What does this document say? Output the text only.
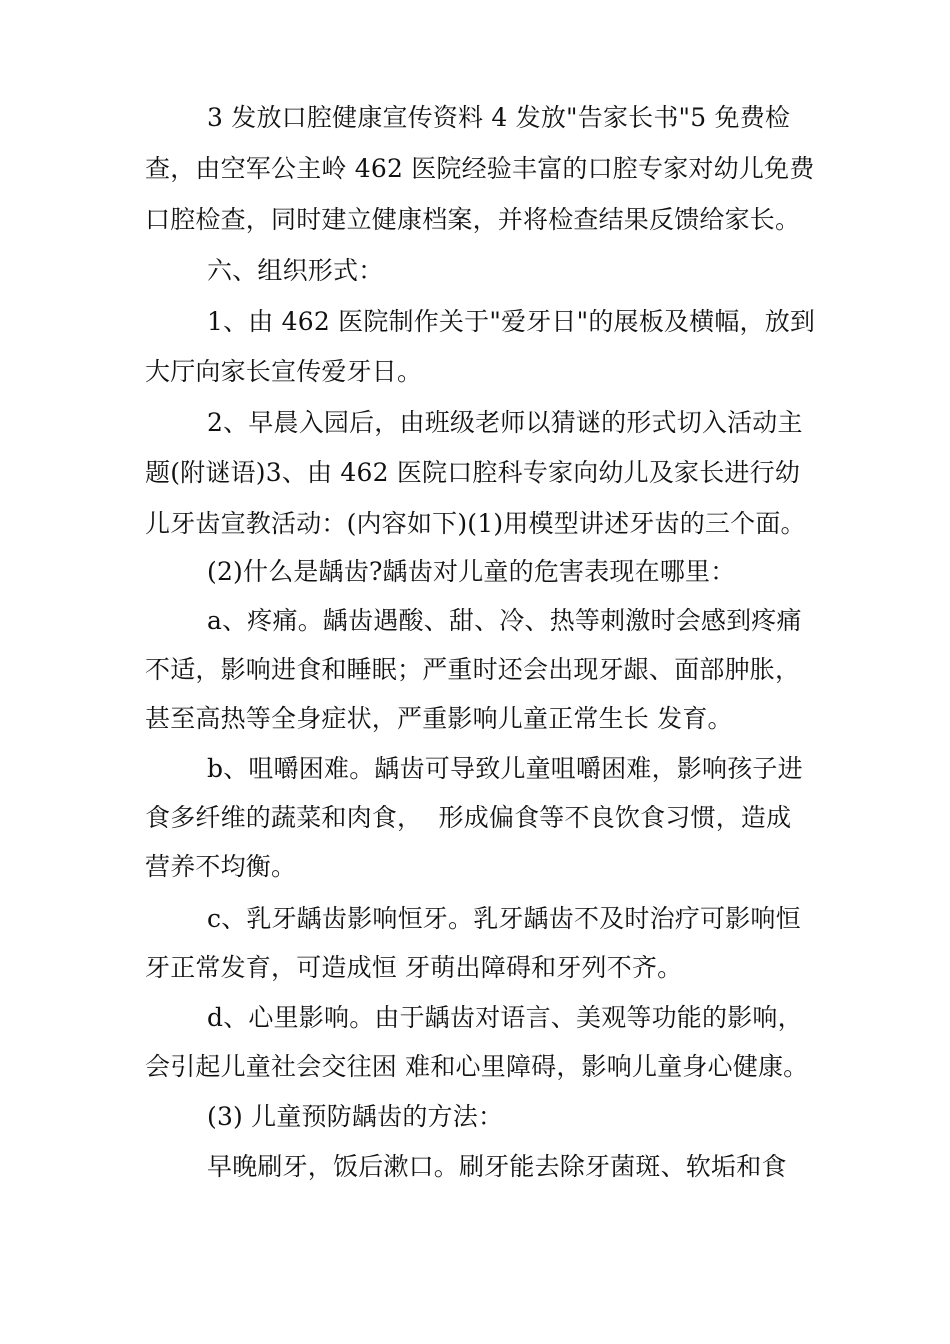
3 发放口腔健康宣传资料 4 发放"告家长书"5 免费检
查，由空军公主岭 462 医院经验丰富的口腔专家对幼儿免费
口腔检查，同时建立健康档案，并将检查结果反馈给家长。
六、组织形式：
1、由 462 医院制作关于"爱牙日"的展板及横幅，放到
大厅向家长宣传爱牙日。
2、早晨入园后，由班级老师以猜谜的形式切入活动主
题(附谜语)3、由 462 医院口腔科专家向幼儿及家长进行幼
儿牙齿宣教活动：(内容如下)(1)用模型讲述牙齿的三个面。
(2)什么是龋齿?龋齿对儿童的危害表现在哪里：
a、疼痛。龋齿遇酸、甜、冷、热等刺激时会感到疼痛
不适，影响进食和睡眠；严重时还会出现牙龈、面部肿胀，
甚至高热等全身症状，严重影响儿童正常生长 发育。
b、咀嚼困难。龋齿可导致儿童咀嚼困难，影响孩子进
食多纤维的蔬菜和肉食，  形成偏食等不良饮食习惯，造成
营养不均衡。
c、乳牙龋齿影响恒牙。乳牙龋齿不及时治疗可影响恒
牙正常发育，可造成恒 牙萌出障碍和牙列不齐。
d、心里影响。由于龋齿对语言、美观等功能的影响，
会引起儿童社会交往困 难和心里障碍，影响儿童身心健康。
(3) 儿童预防龋齿的方法：
早晚刷牙，饭后漱口。刷牙能去除牙菌斑、软垢和食
